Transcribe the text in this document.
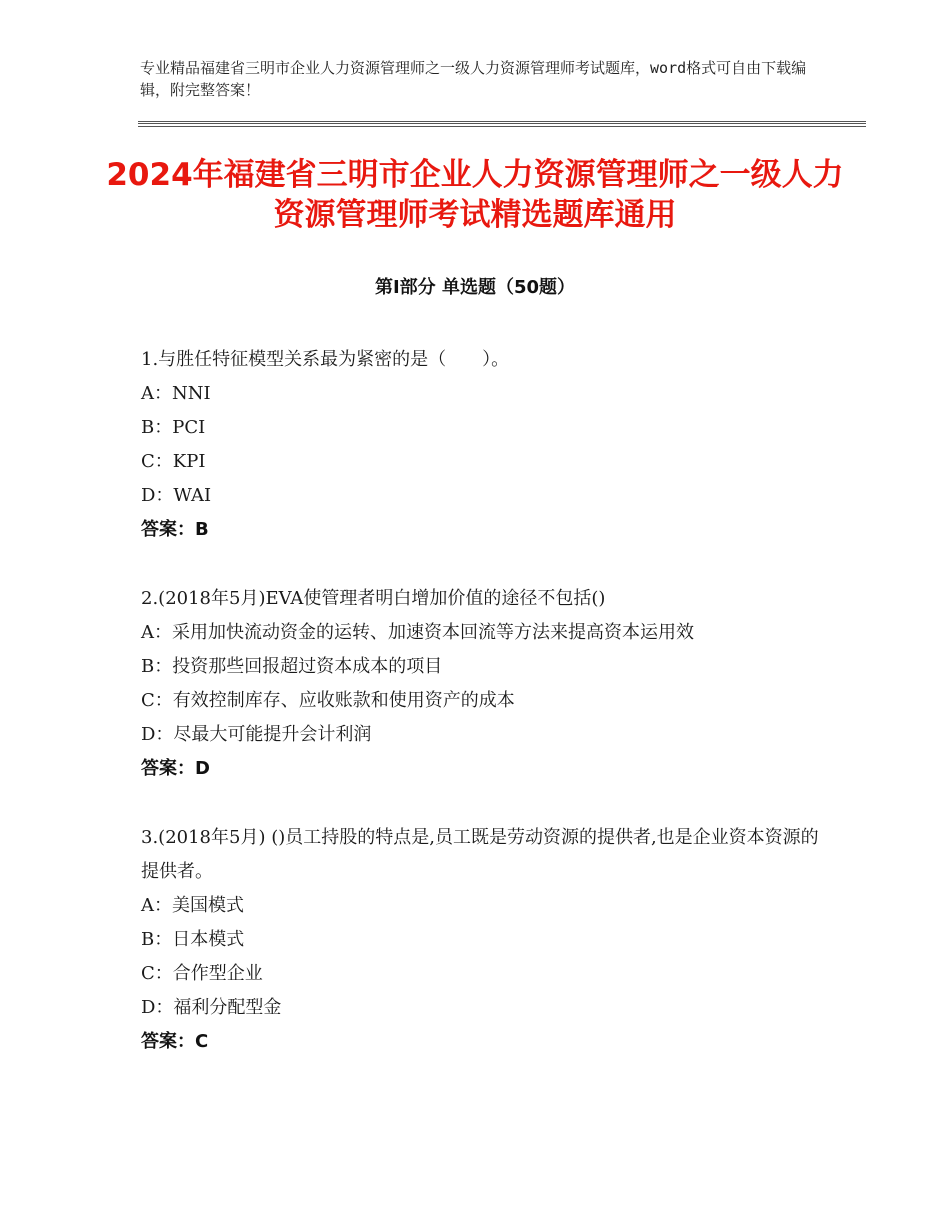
专业精品福建省三明市企业人力资源管理师之一级人力资源管理师考试题库，word格式可自由下载编辑，附完整答案！
2024年福建省三明市企业人力资源管理师之一级人力资源管理师考试精选题库通用
第Ⅰ部分 单选题（50题）
1.与胜任特征模型关系最为紧密的是（　　）。
A：NNI
B：PCI
C：KPI
D：WAI
答案：B
2.(2018年5月)EVA使管理者明白增加价值的途径不包括()
A：采用加快流动资金的运转、加速资本回流等方法来提高资本运用效
B：投资那些回报超过资本成本的项目
C：有效控制库存、应收账款和使用资产的成本
D：尽最大可能提升会计利润
答案：D
3.(2018年5月) ()员工持股的特点是,员工既是劳动资源的提供者,也是企业资本资源的提供者。
A：美国模式
B：日本模式
C：合作型企业
D：福利分配型金
答案：C
